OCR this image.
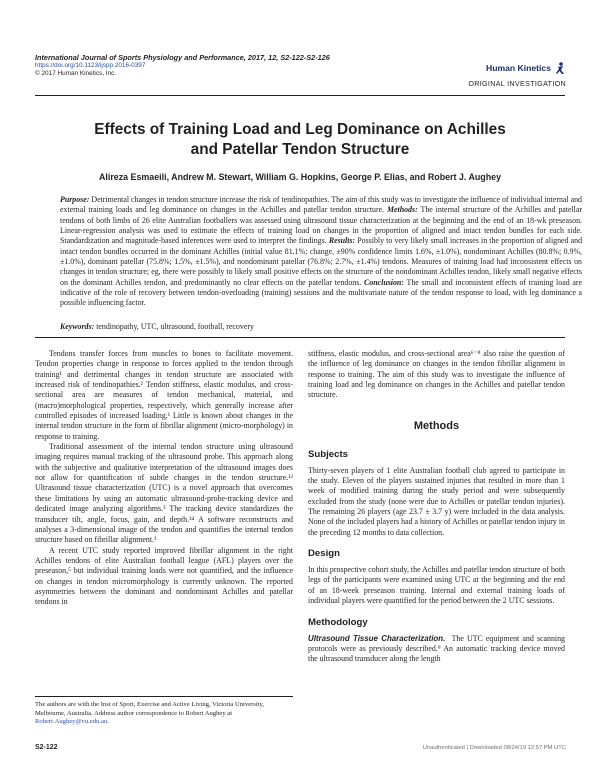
International Journal of Sports Physiology and Performance, 2017, 12, S2-122-S2-126
https://doi.org/10.1123/ijspp.2016-0397
© 2017 Human Kinetics, Inc.
Human Kinetics
ORIGINAL INVESTIGATION
Effects of Training Load and Leg Dominance on Achilles
and Patellar Tendon Structure
Alireza Esmaeili, Andrew M. Stewart, William G. Hopkins, George P. Elias, and Robert J. Aughey

Purpose: Detrimental changes in tendon structure increase the risk of tendinopathies. The aim of this study was to investigate the influence of individual internal and external training loads and leg dominance on changes in the Achilles and patellar tendon structure. Methods: The internal structure of the Achilles and patellar tendons of both limbs of 26 elite Australian footballers was assessed using ultrasound tissue characterization at the beginning and the end of an 18-wk preseason. Linear-regression analysis was used to estimate the effects of training load on changes in the proportion of aligned and intact tendon bundles for each side. Standardization and magnitude-based inferences were used to interpret the findings. Results: Possibly to very likely small increases in the proportion of aligned and intact tendon bundles occurred in the dominant Achilles (initial value 81.1%; change, ±90% confidence limits 1.6%, ±1.0%), nondominant Achilles (80.8%; 0.9%, ±1.0%), dominant patellar (75.8%; 1.5%, ±1.5%), and nondominant patellar (76.8%; 2.7%, ±1.4%) tendons. Measures of training load had inconsistent effects on changes in tendon structure; eg, there were possibly to likely small positive effects on the structure of the nondominant Achilles tendon, likely small negative effects on the dominant Achilles tendon, and predominantly no clear effects on the patellar tendons. Conclusion: The small and inconsistent effects of training load are indicative of the role of recovery between tendon-overloading (training) sessions and the multivariate nature of the tendon response to load, with leg dominance a possible influencing factor.

Keywords: tendinopathy, UTC, ultrasound, football, recovery

Tendons transfer forces from muscles to bones to facilitate movement. Tendon properties change in response to forces applied to the tendon through training¹ and detrimental changes in tendon structure are associated with increased risk of tendinopathies.² Tendon stiffness, elastic modulus, and cross-sectional area are measures of tendon mechanical, material, and (macro)morphological properties, respectively, which generally increase after controlled episodes of increased loading.¹ Little is known about changes in the internal tendon structure in the form of fibrillar alignment (micro-morphology) in response to training.

Traditional assessment of the internal tendon structure using ultrasound imaging requires manual tracking of the ultrasound probe. This approach along with the subjective and qualitative interpretation of the ultrasound images does not allow for quantification of subtle changes in the tendon structure.¹² Ultrasound tissue characterization (UTC) is a novel approach that overcomes these limitations by using an automatic ultrasound-probe-tracking device and dedicated image analyzing algorithms.³ The tracking device standardizes the transducer tilt, angle, focus, gain, and depth.³⁴ A software reconstructs and analyses a 3-dimensional image of the tendon and quantifies the internal tendon structure based on fibrillar alignment.³

A recent UTC study reported improved fibrillar alignment in the right Achilles tendons of elite Australian football league (AFL) players over the preseason,⁵ but individual training loads were not quantified, and the influence on changes in tendon micromorphology is currently unknown. The reported asymmetries between the dominant and nondominant Achilles and patellar tendons in

stiffness, elastic modulus, and cross-sectional area⁶⁻⁸ also raise the question of the influence of leg dominance on changes in the tendon fibrillar alignment in response to training. The aim of this study was to investigate the influence of training load and leg dominance on changes in the Achilles and patellar tendon structure.

Methods
Subjects

Thirty-seven players of 1 elite Australian football club agreed to participate in the study. Eleven of the players sustained injuries that resulted in more than 1 week of modified training during the study period and were subsequently excluded from the study (none were due to Achilles or patellar tendon injuries). The remaining 26 players (age 23.7 ± 3.7 y) were included in the data analysis. None of the included players had a history of Achilles or patellar tendon injury in the preceding 12 months to data collection.

Design

In this prospective cohort study, the Achilles and patellar tendon structure of both legs of the participants were examined using UTC at the beginning and the end of an 18-week preseason training. Internal and external training loads of individual players were quantified for the period between the 2 UTC sessions.

Methodology

Ultrasound Tissue Characterization. The UTC equipment and scanning protocols were as previously described.⁹ An automatic tracking device moved the ultrasound transducer along the length

The authors are with the Inst of Sport, Exercise and Active Living, Victoria University, Melbourne, Australia. Address author correspondence to Robert Aughey at Robert.Aughey@vu.edu.au.
S2-122	Unauthenticated | Downloaded 08/24/19 12:57 PM UTC
